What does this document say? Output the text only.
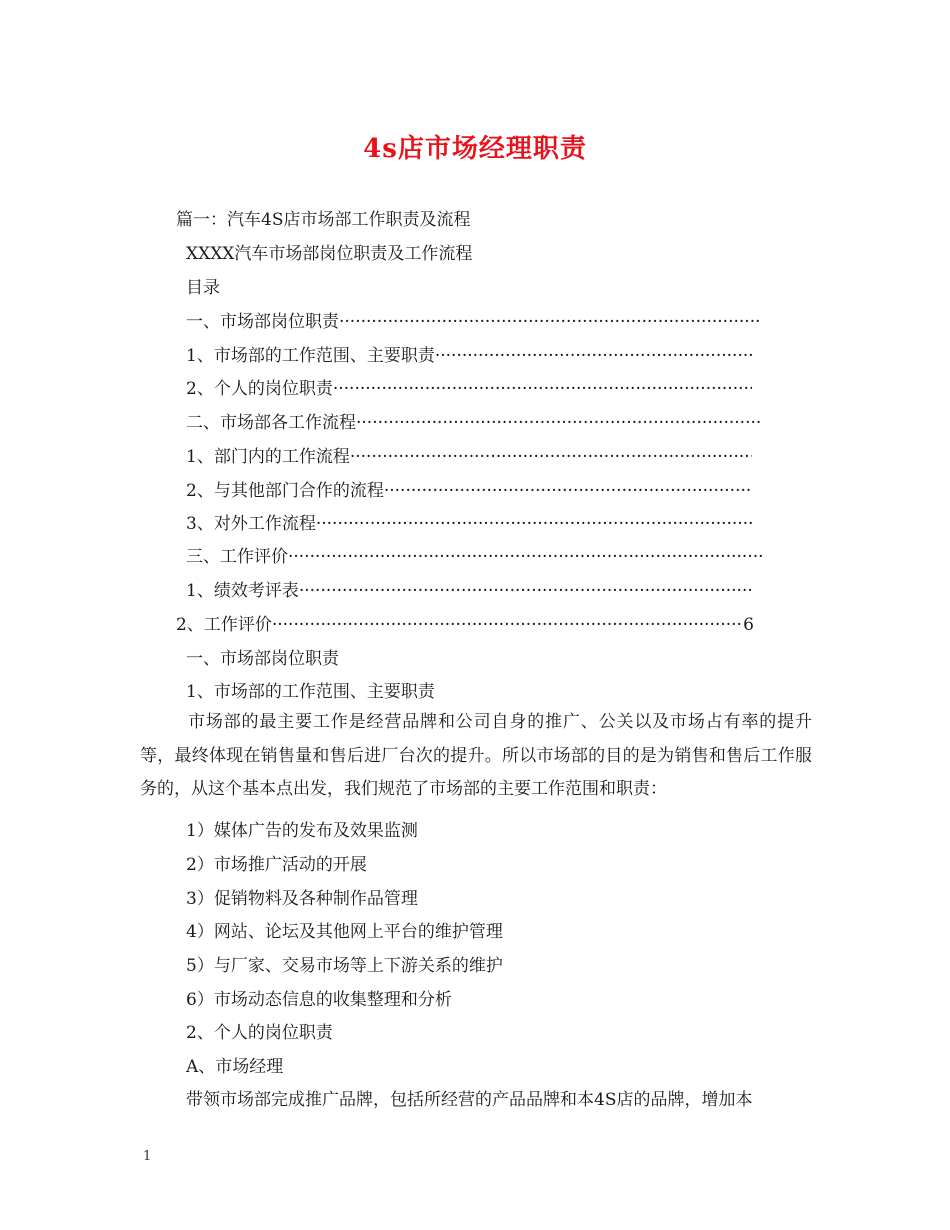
4s店市场经理职责
篇一：汽车4S店市场部工作职责及流程
XXXX汽车市场部岗位职责及工作流程
目录
一、市场部岗位职责
·····
1、市场部的工作范围、主要职责
·····
2、个人的岗位职责
·····
二、市场部各工作流程
·····
1、部门内的工作流程
·····
2、与其他部门合作的流程
·····
3、对外工作流程
·····
三、工作评价
·····
1、绩效考评表
·····
2、工作评价
·····	6
一、市场部岗位职责
1、市场部的工作范围、主要职责
市场部的最主要工作是经营品牌和公司自身的推广、公关以及市场占有率的提升等，最终体现在销售量和售后进厂台次的提升。所以市场部的目的是为销售和售后工作服务的，从这个基本点出发，我们规范了市场部的主要工作范围和职责：
1）媒体广告的发布及效果监测
2）市场推广活动的开展
3）促销物料及各种制作品管理
4）网站、论坛及其他网上平台的维护管理
5）与厂家、交易市场等上下游关系的维护
6）市场动态信息的收集整理和分析
2、个人的岗位职责
A、市场经理
带领市场部完成推广品牌，包括所经营的产品品牌和本4S店的品牌，增加本
1
